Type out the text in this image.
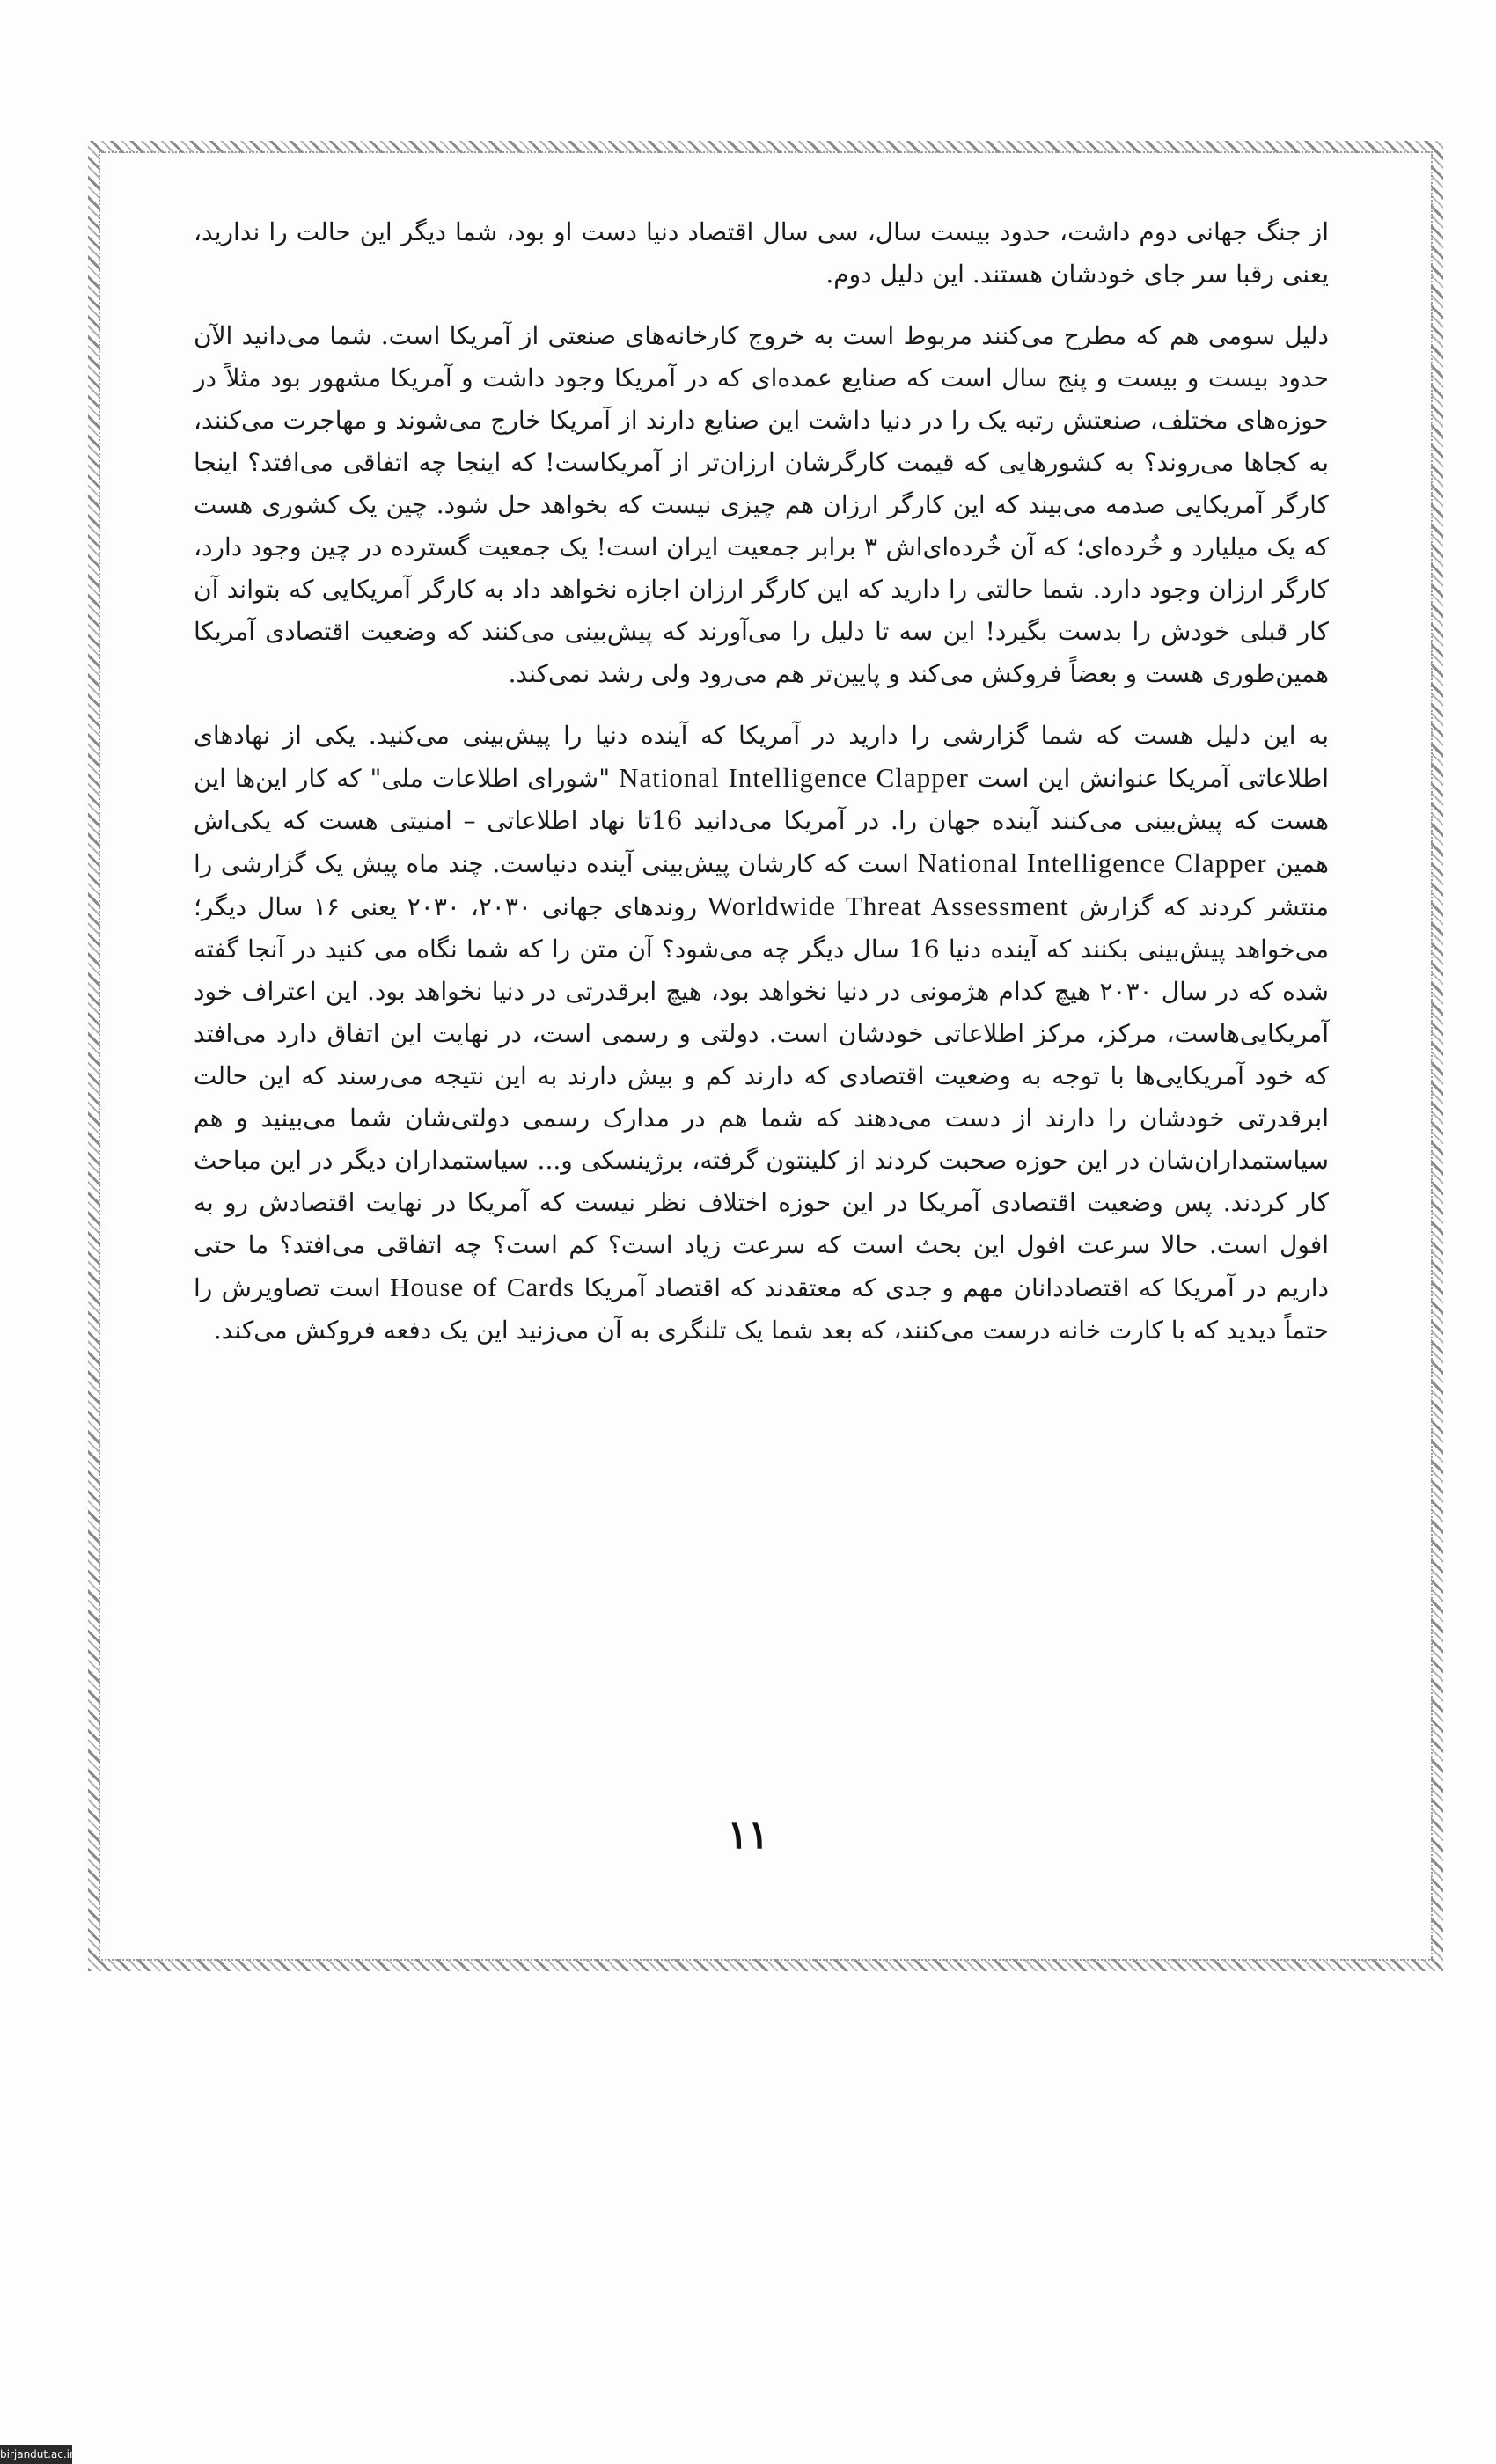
از جنگ جهانی دوم داشت، حدود بیست سال، سی سال اقتصاد دنیا دست او بود، شما دیگر این حالت را ندارید، یعنی رقبا سر جای خودشان هستند. این دلیل دوم.

دلیل سومی هم که مطرح می‌کنند مربوط است به خروج کارخانه‌های صنعتی از آمریکا است. شما می‌دانید الآن حدود بیست و بیست و پنج سال است که صنایع عمده‌ای که در آمریکا وجود داشت و آمریکا مشهور بود مثلاً در حوزه‌های مختلف، صنعتش رتبه یک را در دنیا داشت این صنایع دارند از آمریکا خارج می‌شوند و مهاجرت می‌کنند، به کجاها می‌روند؟ به کشورهایی که قیمت کارگرشان ارزان‌تر از آمریکاست! که اینجا چه اتفاقی می‌افتد؟ اینجا کارگر آمریکایی صدمه می‌بیند که این کارگر ارزان هم چیزی نیست که بخواهد حل شود. چین یک کشوری هست که یک میلیارد و خُرده‌ای؛ که آن خُرده‌ای‌اش ۳ برابر جمعیت ایران است! یک جمعیت گسترده در چین وجود دارد، کارگر ارزان وجود دارد. شما حالتی را دارید که این کارگر ارزان اجازه نخواهد داد به کارگر آمریکایی که بتواند آن کار قبلی خودش را بدست بگیرد! این سه تا دلیل را می‌آورند که پیش‌بینی می‌کنند که وضعیت اقتصادی آمریکا همین‌طوری هست و بعضاً فروکش می‌کند و پایین‌تر هم می‌رود ولی رشد نمی‌کند.

به این دلیل هست که شما گزارشی را دارید در آمریکا که آینده دنیا را پیش‌بینی می‌کنید. یکی از نهادهای اطلاعاتی آمریکا عنوانش این است National Intelligence Clapper "شورای اطلاعات ملی" که کار این‌ها این هست که پیش‌بینی می‌کنند آینده جهان را. در آمریکا می‌دانید 16تا نهاد اطلاعاتی – امنیتی هست که یکی‌اش همین National Intelligence Clapper است که کارشان پیش‌بینی آینده دنیاست. چند ماه پیش یک گزارشی را منتشر کردند که گزارش Worldwide Threat Assessment روندهای جهانی ۲۰۳۰، ۲۰۳۰ یعنی ۱۶ سال دیگر؛ می‌خواهد پیش‌بینی بکنند که آینده دنیا 16 سال دیگر چه می‌شود؟ آن متن را که شما نگاه می کنید در آنجا گفته شده که در سال ۲۰۳۰ هیچ کدام هژمونی در دنیا نخواهد بود، هیچ ابرقدرتی در دنیا نخواهد بود. این اعتراف خود آمریکایی‌هاست، مرکز، مرکز اطلاعاتی خودشان است. دولتی و رسمی است، در نهایت این اتفاق دارد می‌افتد که خود آمریکایی‌ها با توجه به وضعیت اقتصادی که دارند کم و بیش دارند به این نتیجه می‌رسند که این حالت ابرقدرتی خودشان را دارند از دست می‌دهند که شما هم در مدارک رسمی دولتی‌شان شما می‌بینید و هم سیاستمداران‌شان در این حوزه صحبت کردند از کلینتون گرفته، برژینسکی و... سیاستمداران دیگر در این مباحث کار کردند. پس وضعیت اقتصادی آمریکا در این حوزه اختلاف نظر نیست که آمریکا در نهایت اقتصادش رو به افول است. حالا سرعت افول این بحث است که سرعت زیاد است؟ کم است؟ چه اتفاقی می‌افتد؟ ما حتی داریم در آمریکا که اقتصاددانان مهم و جدی که معتقدند که اقتصاد آمریکا House of Cards است تصاویرش را حتماً دیدید که با کارت خانه درست می‌کنند، که بعد شما یک تلنگری به آن می‌زنید این یک دفعه فروکش می‌کند.

۱۱
birjandut.ac.ir
